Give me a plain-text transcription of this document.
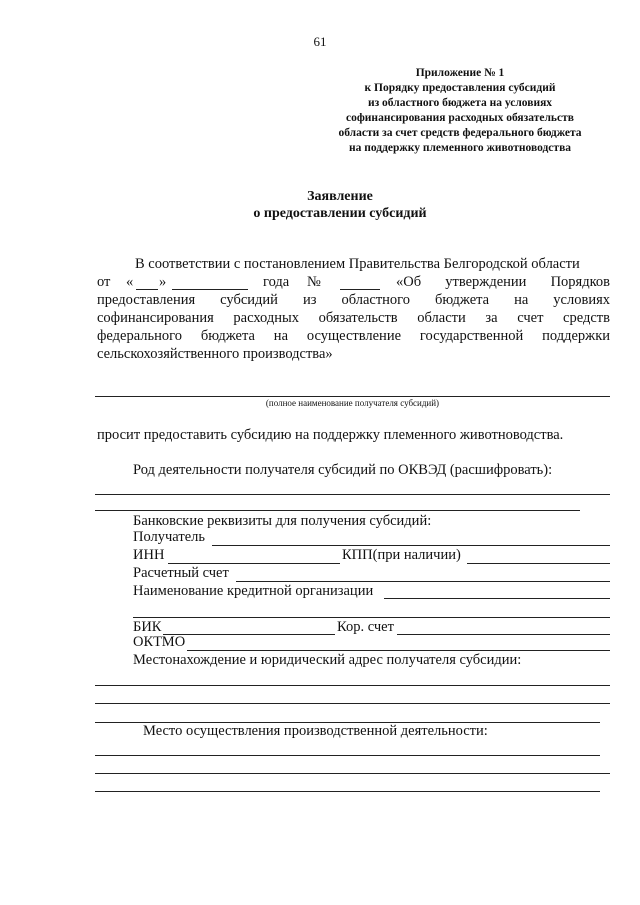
61
Приложение № 1
к Порядку предоставления субсидий
из областного бюджета на условиях
софинансирования расходных обязательств
области за счет средств федерального бюджета
на поддержку племенного животноводства
Заявление
о предоставлении субсидий
В соответствии с постановлением Правительства Белгородской области
от « »	года №	«Об утверждении Порядков
предоставления субсидий из областного бюджета на условиях
софинансирования расходных обязательств области за счет средств
федерального бюджета на осуществление государственной поддержки
сельскохозяйственного производства»
(полное наименование получателя субсидий)
просит предоставить субсидию на поддержку племенного животноводства.
Род деятельности получателя субсидий по ОКВЭД (расшифровать):
Банковские реквизиты для получения субсидий:
Получатель
ИНН	КПП(при наличии)
Расчетный счет
Наименование кредитной организации
БИК	Кор. счет
ОКТМО
Местонахождение и юридический адрес получателя субсидии:
Место осуществления производственной деятельности:
